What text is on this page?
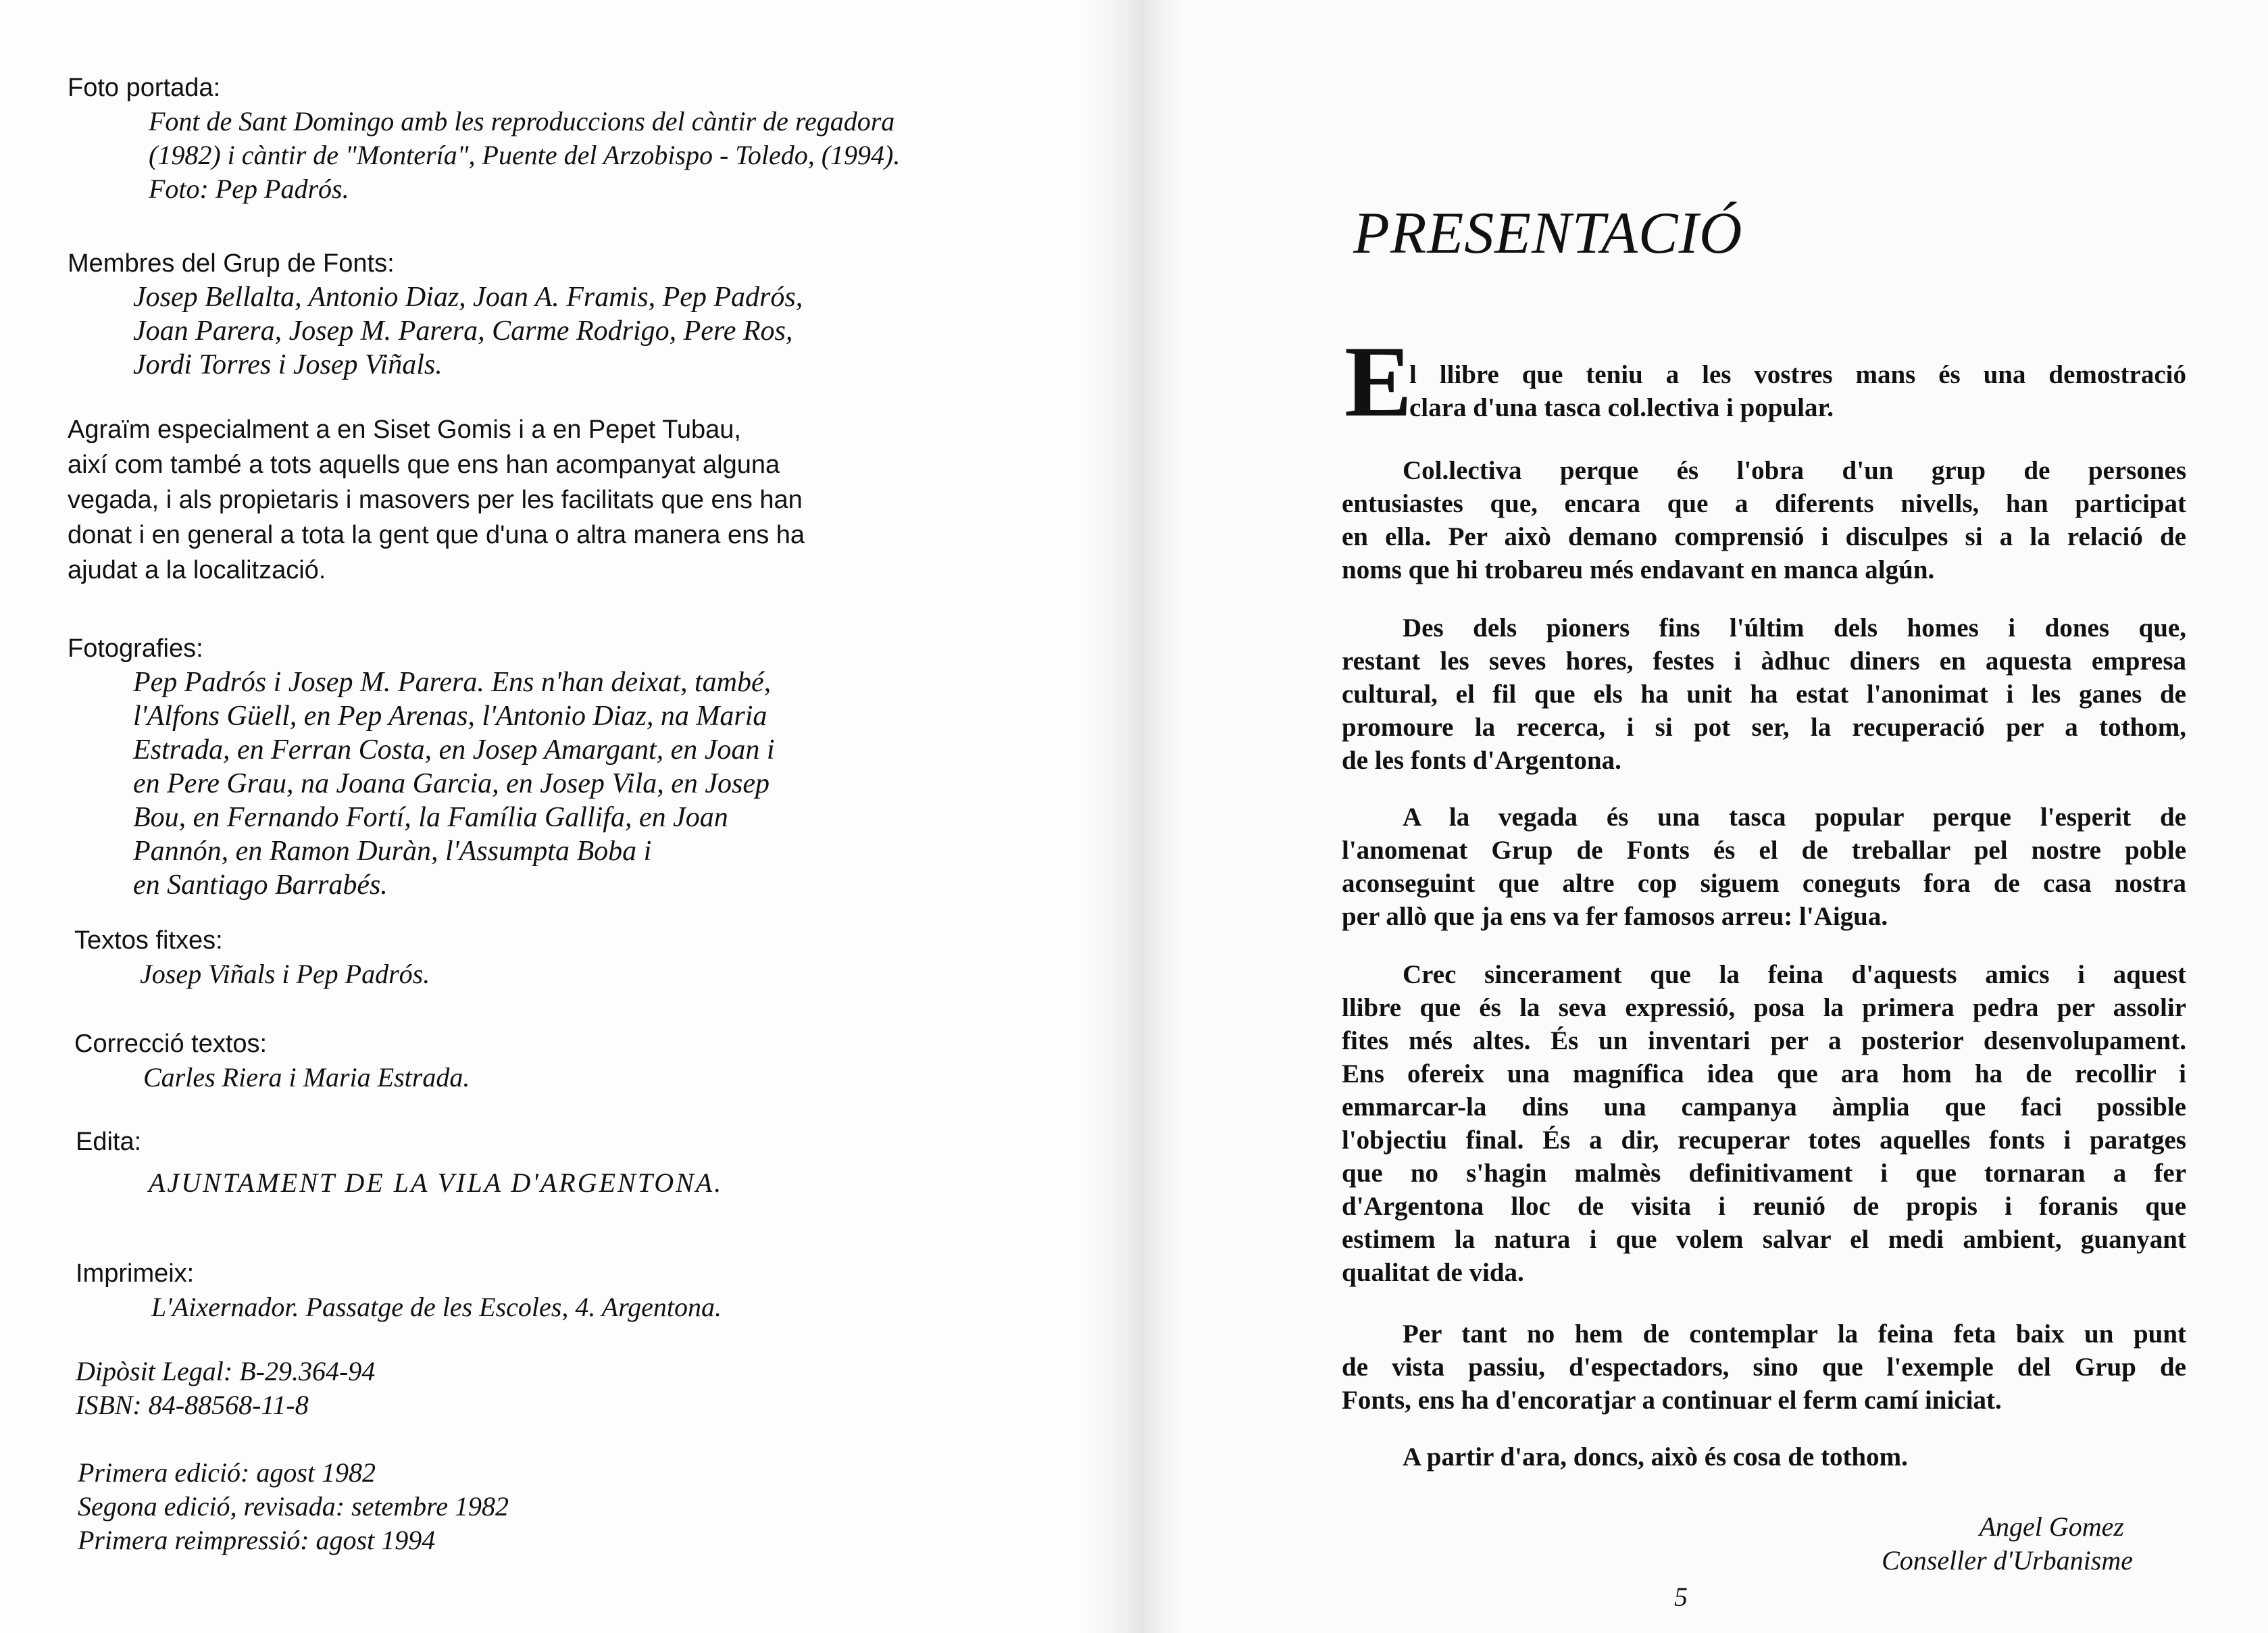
Foto portada:
Font de Sant Domingo amb les reproduccions del càntir de regadora
(1982) i càntir de "Montería", Puente del Arzobispo - Toledo, (1994).
Foto: Pep Padrós.
Membres del Grup de Fonts:
Josep Bellalta, Antonio Diaz, Joan A. Framis, Pep Padrós,
Joan Parera, Josep M. Parera, Carme Rodrigo, Pere Ros,
Jordi Torres i Josep Viñals.
Agraïm especialment a en Siset Gomis i a en Pepet Tubau,
així com també a tots aquells que ens han acompanyat alguna
vegada, i als propietaris i masovers per les facilitats que ens han
donat i en general a tota la gent que d'una o altra manera ens ha
ajudat a la localització.
Fotografies:
Pep Padrós i Josep M. Parera. Ens n'han deixat, també,
l'Alfons Güell, en Pep Arenas, l'Antonio Diaz, na Maria
Estrada, en Ferran Costa, en Josep Amargant, en Joan i
en Pere Grau, na Joana Garcia, en Josep Vila, en Josep
Bou, en Fernando Fortí, la Família Gallifa, en Joan
Pannón, en Ramon Duràn, l'Assumpta Boba i
en Santiago Barrabés.
Textos fitxes:
Josep Viñals i Pep Padrós.
Correcció textos:
Carles Riera i Maria Estrada.
Edita:
AJUNTAMENT DE LA VILA D'ARGENTONA.
Imprimeix:
L'Aixernador. Passatge de les Escoles, 4. Argentona.
Dipòsit Legal: B-29.364-94
ISBN: 84-88568-11-8
Primera edició: agost 1982
Segona edició, revisada: setembre 1982
Primera reimpressió: agost 1994
PRESENTACIÓ
E
l llibre que teniu a les vostres mans és una demostració
clara d'una tasca col.lectiva i popular.
Col.lectiva perque és l'obra d'un grup de persones
entusiastes que, encara que a diferents nivells, han participat
en ella. Per això demano comprensió i disculpes si a la relació de
noms que hi trobareu més endavant en manca algún.
Des dels pioners fins l'últim dels homes i dones que,
restant les seves hores, festes i àdhuc diners en aquesta empresa
cultural, el fil que els ha unit ha estat l'anonimat i les ganes de
promoure la recerca, i si pot ser, la recuperació per a tothom,
de les fonts d'Argentona.
A la vegada és una tasca popular perque l'esperit de
l'anomenat Grup de Fonts és el de treballar pel nostre poble
aconseguint que altre cop siguem coneguts fora de casa nostra
per allò que ja ens va fer famosos arreu: l'Aigua.
Crec sincerament que la feina d'aquests amics i aquest
llibre que és la seva expressió, posa la primera pedra per assolir
fites més altes. És un inventari per a posterior desenvolupament.
Ens ofereix una magnífica idea que ara hom ha de recollir i
emmarcar-la dins una campanya àmplia que faci possible
l'objectiu final. És a dir, recuperar totes aquelles fonts i paratges
que no s'hagin malmès definitivament i que tornaran a fer
d'Argentona lloc de visita i reunió de propis i foranis que
estimem la natura i que volem salvar el medi ambient, guanyant
qualitat de vida.
Per tant no hem de contemplar la feina feta baix un punt
de vista passiu, d'espectadors, sino que l'exemple del Grup de
Fonts, ens ha d'encoratjar a continuar el ferm camí iniciat.
A partir d'ara, doncs, això és cosa de tothom.
Angel Gomez
Conseller d'Urbanisme
5
